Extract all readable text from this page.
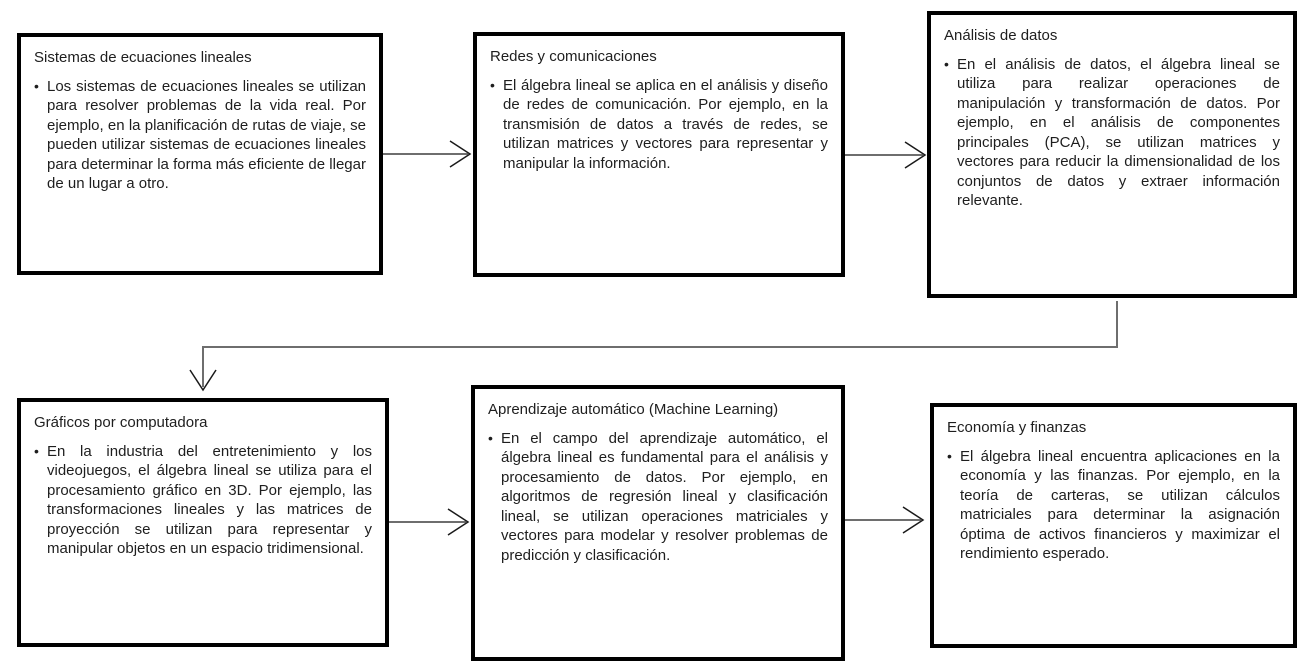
Sistemas de ecuaciones lineales
• Los sistemas de ecuaciones lineales se utilizan para resolver problemas de la vida real. Por ejemplo, en la planificación de rutas de viaje, se pueden utilizar sistemas de ecuaciones lineales para determinar la forma más eficiente de llegar de un lugar a otro.

Redes y comunicaciones
• El álgebra lineal se aplica en el análisis y diseño de redes de comunicación. Por ejemplo, en la transmisión de datos a través de redes, se utilizan matrices y vectores para representar y manipular la información.

Análisis de datos
• En el análisis de datos, el álgebra lineal se utiliza para realizar operaciones de manipulación y transformación de datos. Por ejemplo, en el análisis de componentes principales (PCA), se utilizan matrices y vectores para reducir la dimensionalidad de los conjuntos de datos y extraer información relevante.

Gráficos por computadora
• En la industria del entretenimiento y los videojuegos, el álgebra lineal se utiliza para el procesamiento gráfico en 3D. Por ejemplo, las transformaciones lineales y las matrices de proyección se utilizan para representar y manipular objetos en un espacio tridimensional.

Aprendizaje automático (Machine Learning)
• En el campo del aprendizaje automático, el álgebra lineal es fundamental para el análisis y procesamiento de datos. Por ejemplo, en algoritmos de regresión lineal y clasificación lineal, se utilizan operaciones matriciales y vectores para modelar y resolver problemas de predicción y clasificación.

Economía y finanzas
• El álgebra lineal encuentra aplicaciones en la economía y las finanzas. Por ejemplo, en la teoría de carteras, se utilizan cálculos matriciales para determinar la asignación óptima de activos financieros y maximizar el rendimiento esperado.
